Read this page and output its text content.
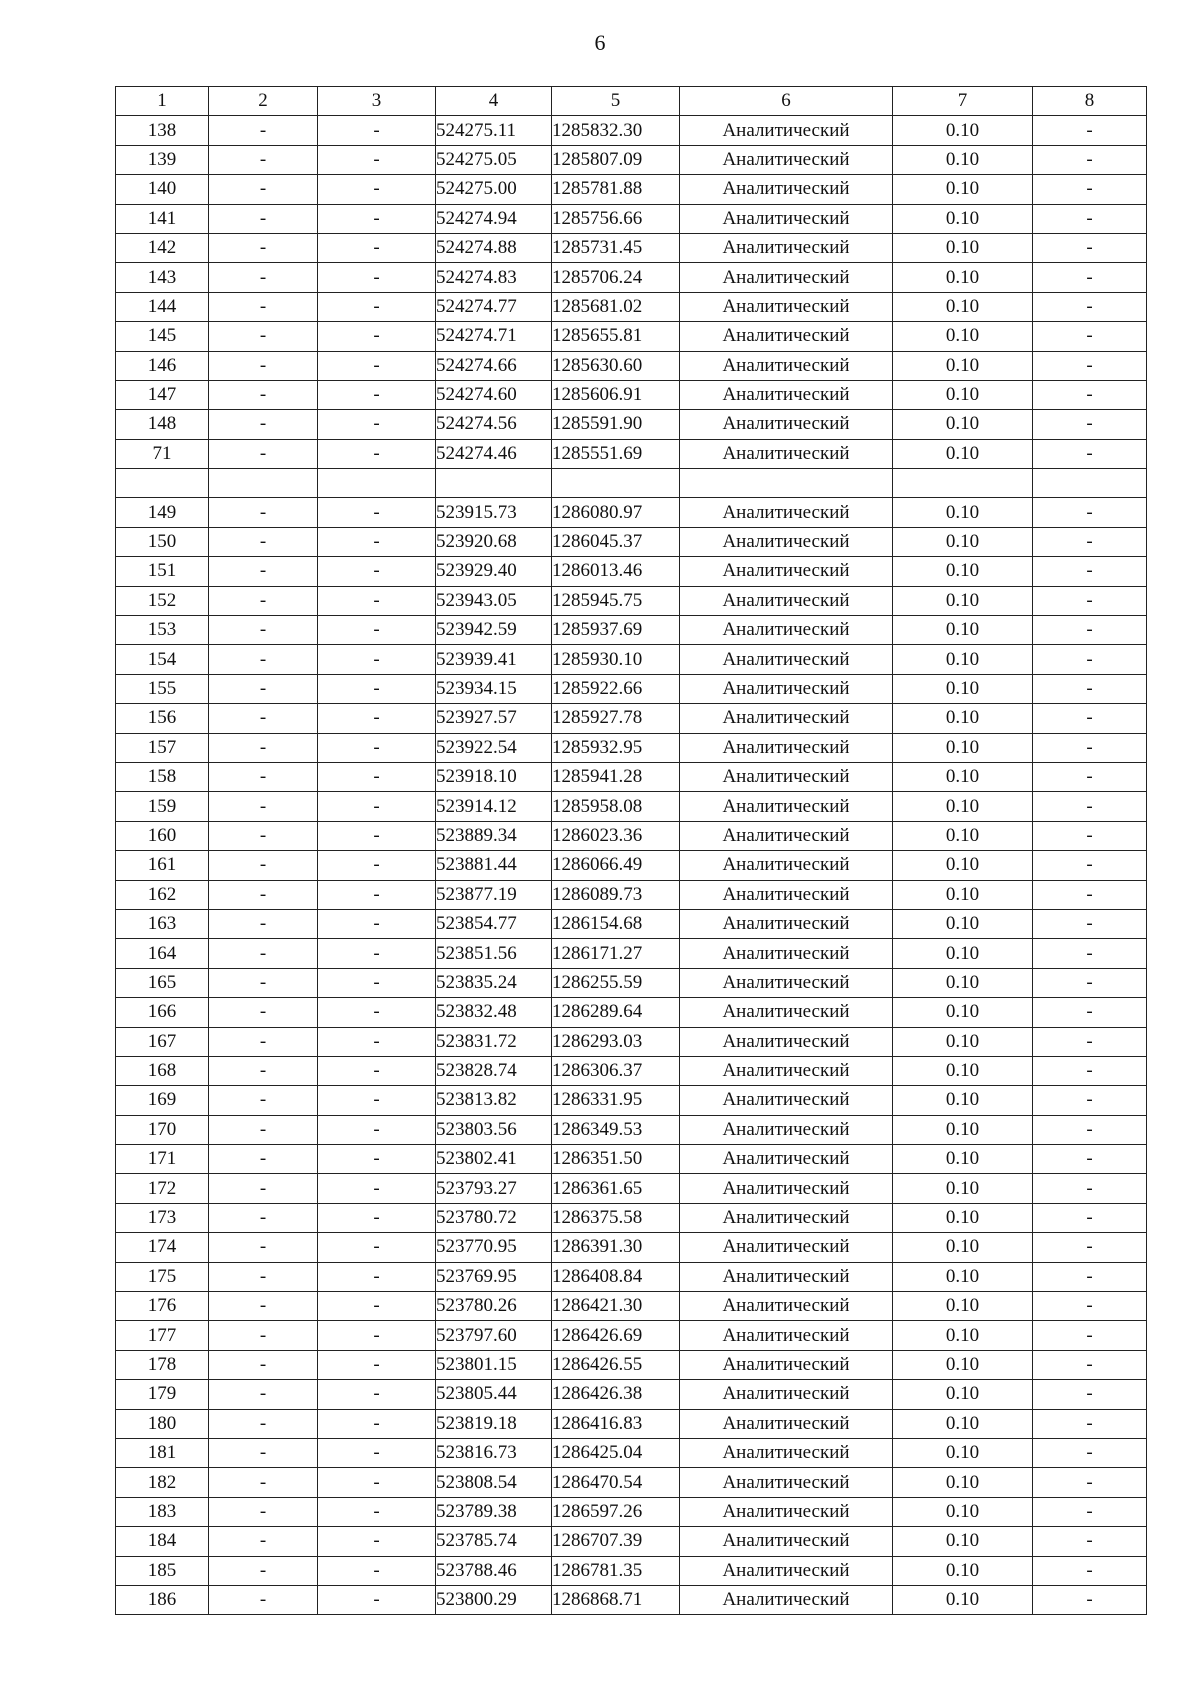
6
1	2	3	4	5	6	7	8
138	-	-	524275.11	1285832.30	Аналитический	0.10	-
139	-	-	524275.05	1285807.09	Аналитический	0.10	-
140	-	-	524275.00	1285781.88	Аналитический	0.10	-
141	-	-	524274.94	1285756.66	Аналитический	0.10	-
142	-	-	524274.88	1285731.45	Аналитический	0.10	-
143	-	-	524274.83	1285706.24	Аналитический	0.10	-
144	-	-	524274.77	1285681.02	Аналитический	0.10	-
145	-	-	524274.71	1285655.81	Аналитический	0.10	-
146	-	-	524274.66	1285630.60	Аналитический	0.10	-
147	-	-	524274.60	1285606.91	Аналитический	0.10	-
148	-	-	524274.56	1285591.90	Аналитический	0.10	-
71	-	-	524274.46	1285551.69	Аналитический	0.10	-

149	-	-	523915.73	1286080.97	Аналитический	0.10	-
150	-	-	523920.68	1286045.37	Аналитический	0.10	-
151	-	-	523929.40	1286013.46	Аналитический	0.10	-
152	-	-	523943.05	1285945.75	Аналитический	0.10	-
153	-	-	523942.59	1285937.69	Аналитический	0.10	-
154	-	-	523939.41	1285930.10	Аналитический	0.10	-
155	-	-	523934.15	1285922.66	Аналитический	0.10	-
156	-	-	523927.57	1285927.78	Аналитический	0.10	-
157	-	-	523922.54	1285932.95	Аналитический	0.10	-
158	-	-	523918.10	1285941.28	Аналитический	0.10	-
159	-	-	523914.12	1285958.08	Аналитический	0.10	-
160	-	-	523889.34	1286023.36	Аналитический	0.10	-
161	-	-	523881.44	1286066.49	Аналитический	0.10	-
162	-	-	523877.19	1286089.73	Аналитический	0.10	-
163	-	-	523854.77	1286154.68	Аналитический	0.10	-
164	-	-	523851.56	1286171.27	Аналитический	0.10	-
165	-	-	523835.24	1286255.59	Аналитический	0.10	-
166	-	-	523832.48	1286289.64	Аналитический	0.10	-
167	-	-	523831.72	1286293.03	Аналитический	0.10	-
168	-	-	523828.74	1286306.37	Аналитический	0.10	-
169	-	-	523813.82	1286331.95	Аналитический	0.10	-
170	-	-	523803.56	1286349.53	Аналитический	0.10	-
171	-	-	523802.41	1286351.50	Аналитический	0.10	-
172	-	-	523793.27	1286361.65	Аналитический	0.10	-
173	-	-	523780.72	1286375.58	Аналитический	0.10	-
174	-	-	523770.95	1286391.30	Аналитический	0.10	-
175	-	-	523769.95	1286408.84	Аналитический	0.10	-
176	-	-	523780.26	1286421.30	Аналитический	0.10	-
177	-	-	523797.60	1286426.69	Аналитический	0.10	-
178	-	-	523801.15	1286426.55	Аналитический	0.10	-
179	-	-	523805.44	1286426.38	Аналитический	0.10	-
180	-	-	523819.18	1286416.83	Аналитический	0.10	-
181	-	-	523816.73	1286425.04	Аналитический	0.10	-
182	-	-	523808.54	1286470.54	Аналитический	0.10	-
183	-	-	523789.38	1286597.26	Аналитический	0.10	-
184	-	-	523785.74	1286707.39	Аналитический	0.10	-
185	-	-	523788.46	1286781.35	Аналитический	0.10	-
186	-	-	523800.29	1286868.71	Аналитический	0.10	-
